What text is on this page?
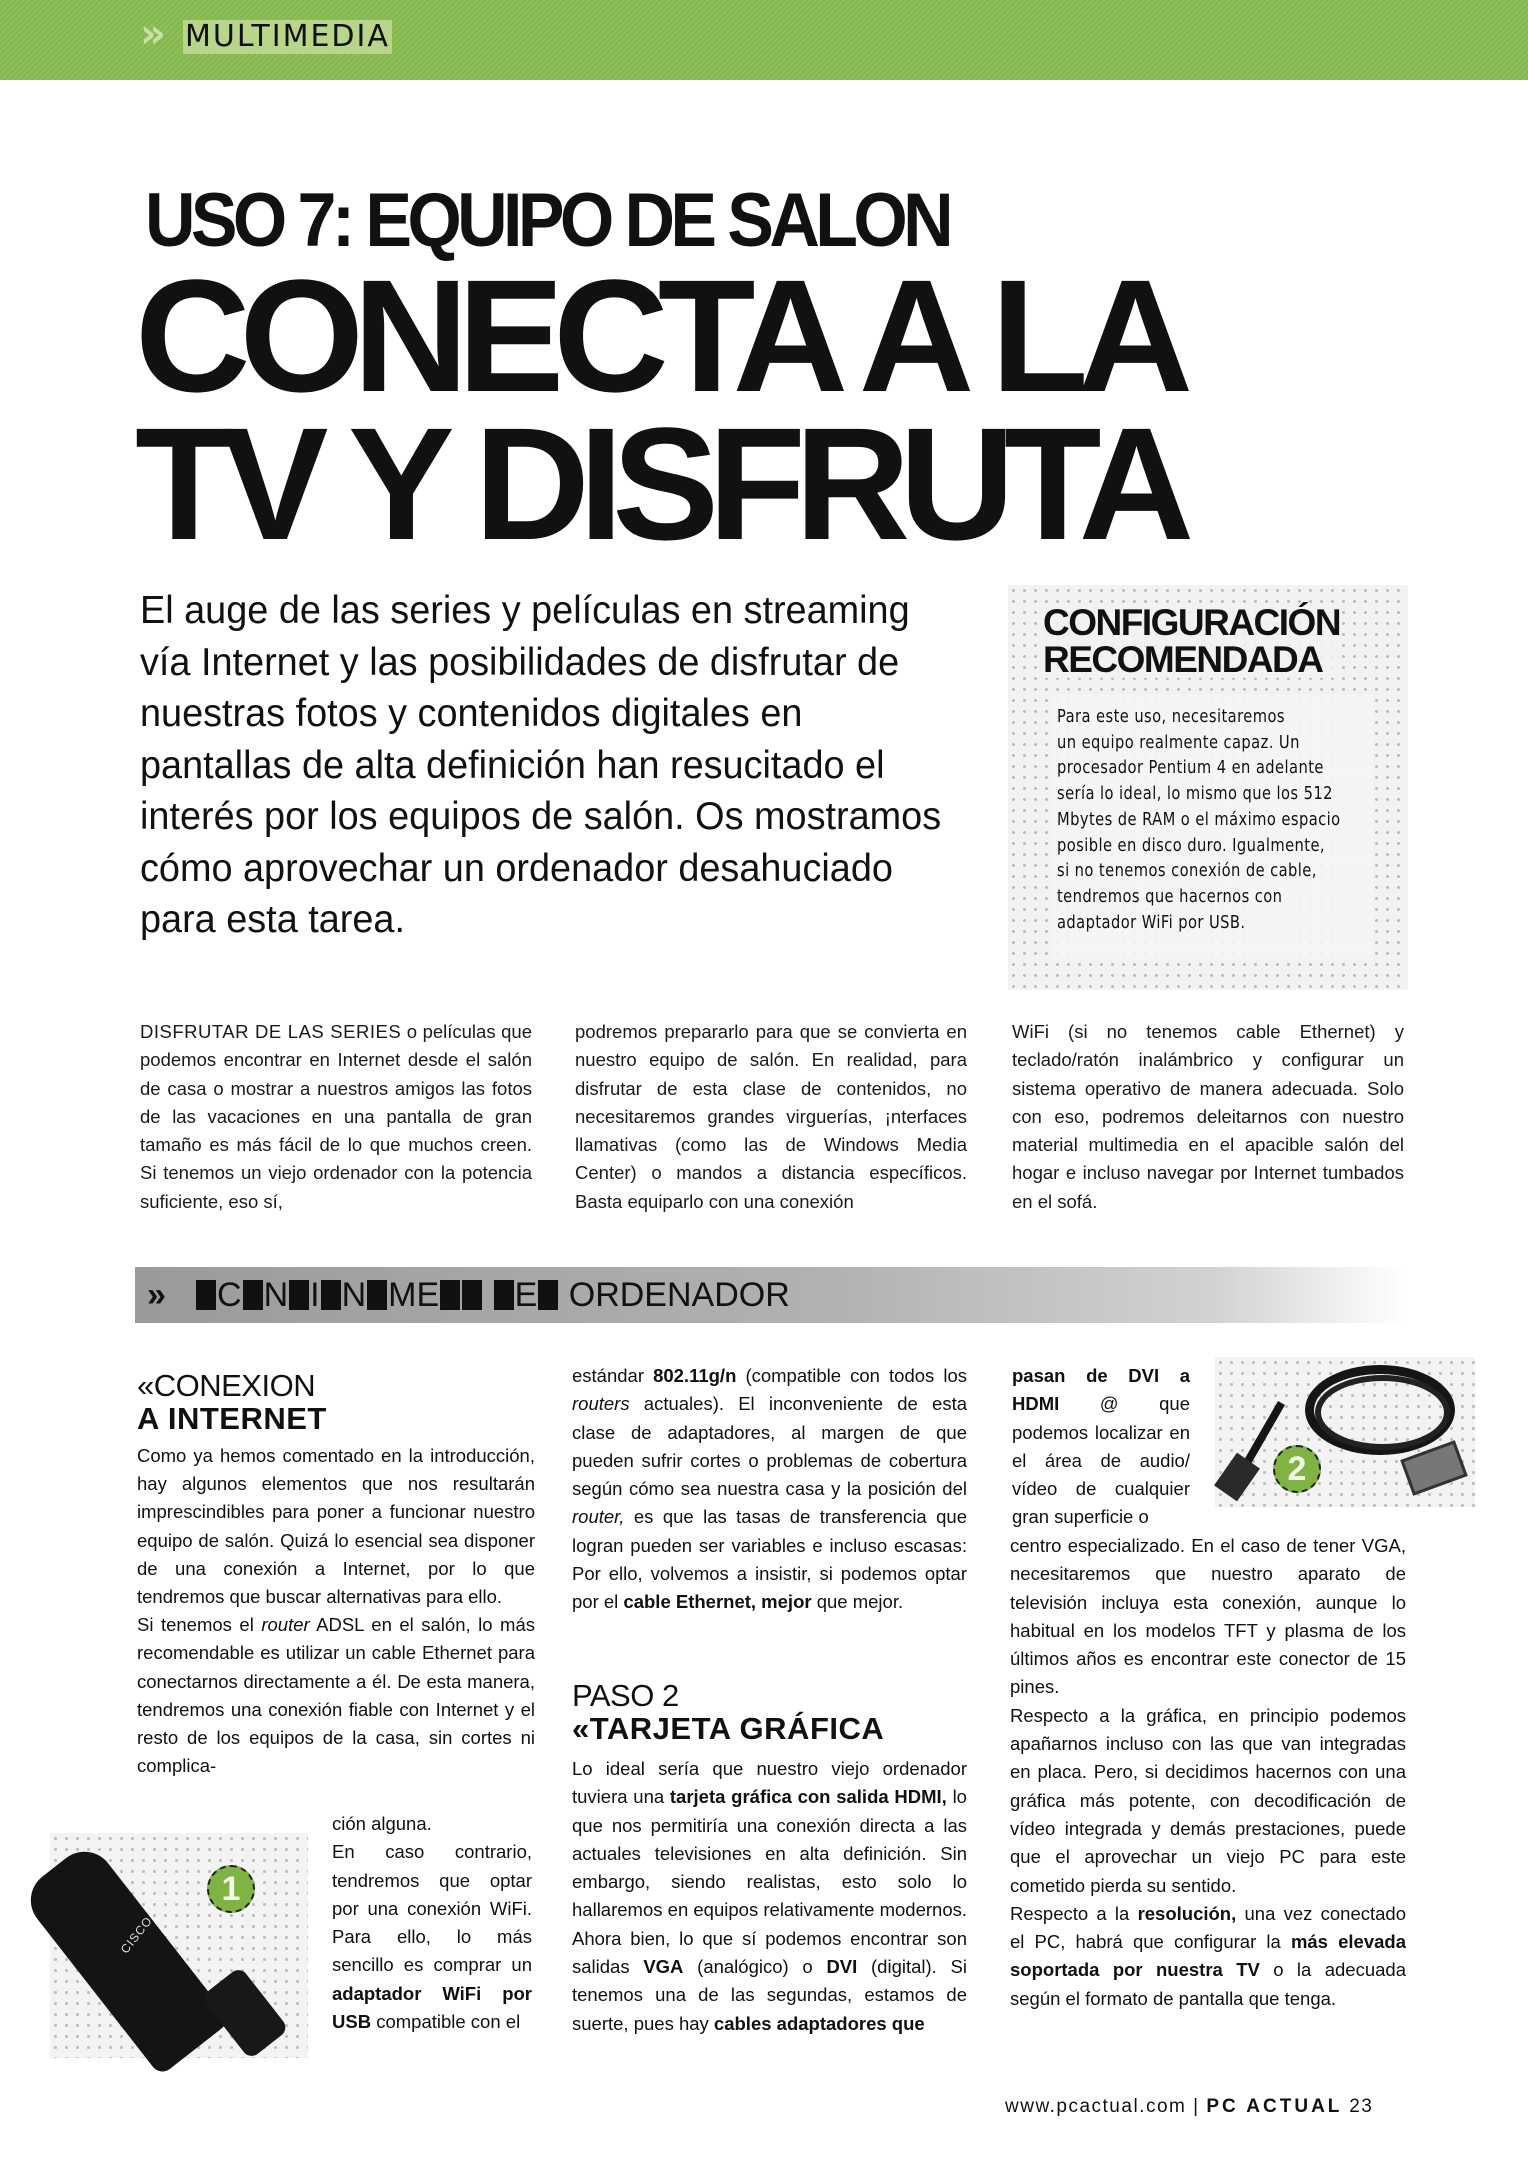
» MULTIMEDIA
USO 7: EQUIPO DE SALON
CONECTA A LA
TV Y DISFRUTA
El auge de las series y películas en streaming vía Internet y las posibilidades de disfrutar de nuestras fotos y contenidos digitales en pantallas de alta definición han resucitado el interés por los equipos de salón. Os mostramos cómo aprovechar un ordenador desahuciado para esta tarea.
CONFIGURACIÓN
RECOMENDADA
Para este uso, necesitaremos
un equipo realmente capaz. Un
procesador Pentium 4 en adelante
sería lo ideal, lo mismo que los 512
Mbytes de RAM o el máximo espacio
posible en disco duro. Igualmente,
si no tenemos conexión de cable,
tendremos que hacernos con
adaptador WiFi por USB.

DISFRUTAR DE LAS SERIES o películas que podemos encontrar en Internet desde el salón de casa o mostrar a nuestros amigos las fotos de las vacaciones en una pantalla de gran tamaño es más fácil de lo que muchos creen. Si tenemos un viejo ordenador con la potencia suficiente, eso sí,

podremos prepararlo para que se convierta en nuestro equipo de salón. En realidad, para disfrutar de esta clase de contenidos, no necesitaremos grandes virguerías, ¡nterfaces llamativas (como las de Windows Media Center) o mandos a distancia específicos. Basta equiparlo con una conexión

WiFi (si no tenemos cable Ethernet) y teclado/ratón inalámbrico y configurar un sistema operativo de manera adecuada. Solo con eso, podremos deleitarnos con nuestro material multimedia en el apacible salón del hogar e incluso navegar por Internet tumbados en el sofá.

»	C N I N ME E ORDENADOR
«CONEXION
A INTERNET

Como ya hemos comentado en la introducción, hay algunos elementos que nos resultarán imprescindibles para poner a funcionar nuestro equipo de salón. Quizá lo esencial sea disponer de una conexión a Internet, por lo que tendremos que buscar alternativas para ello.

Si tenemos el router ADSL en el salón, lo más recomendable es utilizar un cable Ethernet para conectarnos directamente a él. De esta manera, tendremos una conexión fiable con Internet y el resto de los equipos de la casa, sin cortes ni complica-

ción alguna.

En caso contrario, tendremos que optar por una conexión WiFi. Para ello, lo más sencillo es comprar un adaptador WiFi por USB compatible con el

CISCO
1

estándar 802.11g/n (compatible con todos los routers actuales). El inconveniente de esta clase de adaptadores, al margen de que pueden sufrir cortes o problemas de cobertura según cómo sea nuestra casa y la posición del router, es que las tasas de transferencia que logran pueden ser variables e incluso escasas: Por ello, volvemos a insistir, si podemos optar por el cable Ethernet, mejor que mejor.

PASO 2
«TARJETA GRÁFICA

Lo ideal sería que nuestro viejo ordenador tuviera una tarjeta gráfica con salida HDMI, lo que nos permitiría una conexión directa a las actuales televisiones en alta definición. Sin embargo, siendo realistas, esto solo lo hallaremos en equipos relativamente modernos. Ahora bien, lo que sí podemos encontrar son salidas VGA (analógico) o DVI (digital). Si tenemos una de las segundas, estamos de suerte, pues hay cables adaptadores que

pasan de DVI a HDMI @ que podemos localizar en el área de audio/ vídeo de cualquier gran superficie o

2

centro especializado. En el caso de tener VGA, necesitaremos que nuestro aparato de televisión incluya esta conexión, aunque lo habitual en los modelos TFT y plasma de los últimos años es encontrar este conector de 15 pines.

Respecto a la gráfica, en principio podemos apañarnos incluso con las que van integradas en placa. Pero, si decidimos hacernos con una gráfica más potente, con decodificación de vídeo integrada y demás prestaciones, puede que el aprovechar un viejo PC para este cometido pierda su sentido.

Respecto a la resolución, una vez conectado el PC, habrá que configurar la más elevada soportada por nuestra TV o la adecuada según el formato de pantalla que tenga.

www.pcactual.com | PC ACTUAL 23
